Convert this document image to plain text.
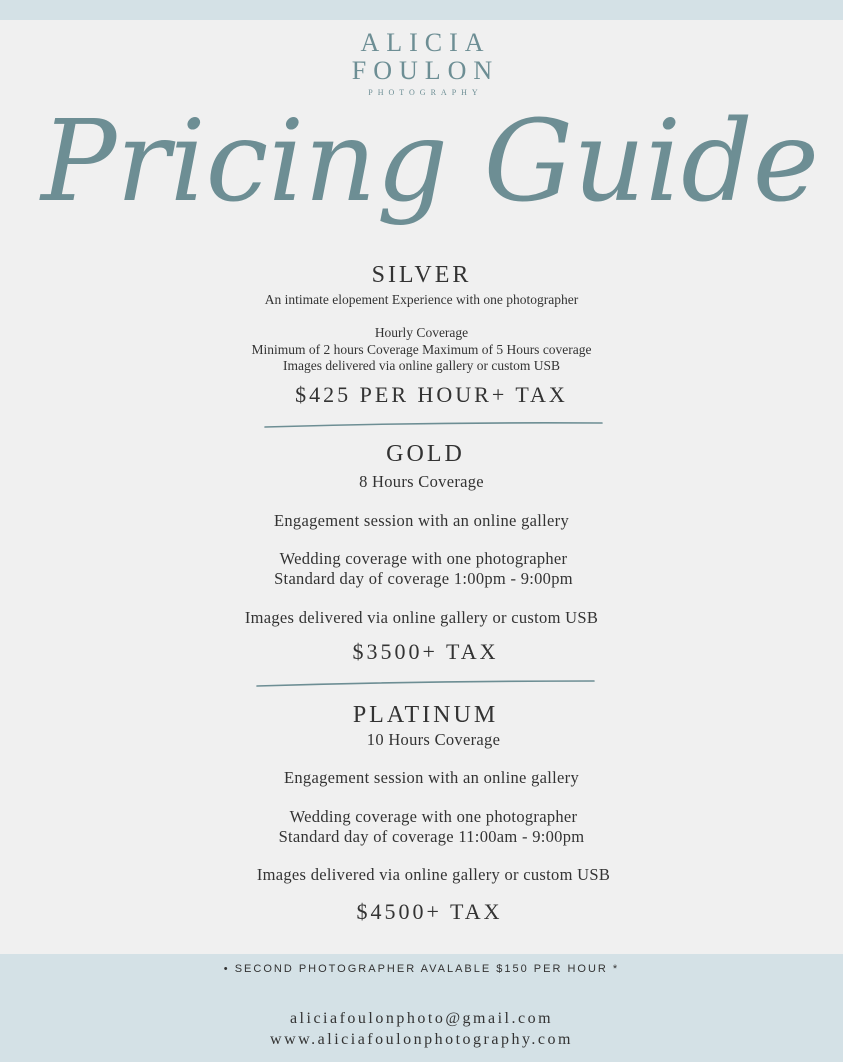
ALICIA
FOULON
PHOTOGRAPHY
Pricing Guide
SILVER
An intimate elopement Experience with one photographer
Hourly Coverage
Minimum of 2 hours Coverage Maximum of 5 Hours coverage
Images delivered via online gallery or custom USB
$425 PER HOUR+ TAX
GOLD
8 Hours Coverage
Engagement session with an online gallery
Wedding coverage with one photographer
Standard day of coverage 1:00pm - 9:00pm
Images delivered via online gallery or custom USB
$3500+ TAX
PLATINUM
10 Hours Coverage
Engagement session with an online gallery
Wedding coverage with one photographer
Standard day of coverage 11:00am - 9:00pm
Images delivered via online gallery or custom USB
$4500+ TAX
• SECOND PHOTOGRAPHER AVALABLE $150 PER HOUR *
aliciafoulonphoto@gmail.com
www.aliciafoulonphotography.com
